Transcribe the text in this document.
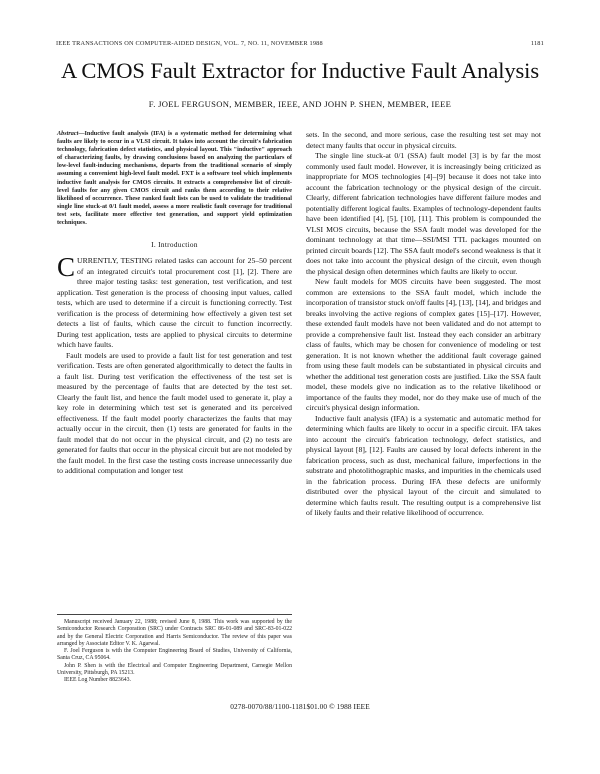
IEEE TRANSACTIONS ON COMPUTER-AIDED DESIGN, VOL. 7, NO. 11, NOVEMBER 1988	1181
A CMOS Fault Extractor for Inductive Fault Analysis
F. JOEL FERGUSON, MEMBER, IEEE, AND JOHN P. SHEN, MEMBER, IEEE

Abstract—Inductive fault analysis (IFA) is a systematic method for determining what faults are likely to occur in a VLSI circuit. It takes into account the circuit's fabrication technology, fabrication defect statistics, and physical layout. This "inductive" approach of characterizing faults, by drawing conclusions based on analyzing the particulars of low-level fault-inducing mechanisms, departs from the traditional scenario of simply assuming a convenient high-level fault model. FXT is a software tool which implements inductive fault analysis for CMOS circuits. It extracts a comprehensive list of circuit-level faults for any given CMOS circuit and ranks them according to their relative likelihood of occurrence. These ranked fault lists can be used to validate the traditional single line stuck-at 0/1 fault model, assess a more realistic fault coverage for traditional test sets, facilitate more effective test generation, and support yield optimization techniques.

I. Introduction

CURRENTLY, TESTING related tasks can account for 25–50 percent of an integrated circuit's total procurement cost [1], [2]. There are three major testing tasks: test generation, test verification, and test application. Test generation is the process of choosing input values, called tests, which are used to determine if a circuit is functioning correctly. Test verification is the process of determining how effectively a given test set detects a list of faults, which cause the circuit to function incorrectly. During test application, tests are applied to physical circuits to determine which have faults.

Fault models are used to provide a fault list for test generation and test verification. Tests are often generated algorithmically to detect the faults in a fault list. During test verification the effectiveness of the test set is measured by the percentage of faults that are detected by the test set. Clearly the fault list, and hence the fault model used to generate it, play a key role in determining which test set is generated and its perceived effectiveness. If the fault model poorly characterizes the faults that may actually occur in the circuit, then (1) tests are generated for faults in the fault model that do not occur in the physical circuit, and (2) no tests are generated for faults that occur in the physical circuit but are not modeled by the fault model. In the first case the testing costs increase unnecessarily due to additional computation and longer test

Manuscript received January 22, 1988; revised June 8, 1988. This work was supported by the Semiconductor Research Corporation (SRC) under Contracts SRC 86-01-089 and SRC-83-01-022 and by the General Electric Corporation and Harris Semiconductor. The review of this paper was arranged by Associate Editor V. K. Agarwal.

F. Joel Ferguson is with the Computer Engineering Board of Studies, University of California, Santa Cruz, CA 95064.

John P. Shen is with the Electrical and Computer Engineering Department, Carnegie Mellon University, Pittsburgh, PA 15213.

IEEE Log Number 8823643.

sets. In the second, and more serious, case the resulting test set may not detect many faults that occur in physical circuits.

The single line stuck-at 0/1 (SSA) fault model [3] is by far the most commonly used fault model. However, it is increasingly being criticized as inappropriate for MOS technologies [4]–[9] because it does not take into account the fabrication technology or the physical design of the circuit. Clearly, different fabrication technologies have different failure modes and potentially different logical faults. Examples of technology-dependent faults have been identified [4], [5], [10], [11]. This problem is compounded the VLSI MOS circuits, because the SSA fault model was developed for the dominant technology at that time—SSI/MSI TTL packages mounted on printed circuit boards [12]. The SSA fault model's second weakness is that it does not take into account the physical design of the circuit, even though the physical design often determines which faults are likely to occur.

New fault models for MOS circuits have been suggested. The most common are extensions to the SSA fault model, which include the incorporation of transistor stuck on/off faults [4], [13], [14], and bridges and breaks involving the active regions of complex gates [15]–[17]. However, these extended fault models have not been validated and do not attempt to provide a comprehensive fault list. Instead they each consider an arbitrary class of faults, which may be chosen for convenience of modeling or test generation. It is not known whether the additional fault coverage gained from using these fault models can be substantiated in physical circuits and whether the additional test generation costs are justified. Like the SSA fault model, these models give no indication as to the relative likelihood or importance of the faults they model, nor do they make use of much of the circuit's physical design information.

Inductive fault analysis (IFA) is a systematic and automatic method for determining which faults are likely to occur in a specific circuit. IFA takes into account the circuit's fabrication technology, defect statistics, and physical layout [8], [12]. Faults are caused by local defects inherent in the fabrication process, such as dust, mechanical failure, imperfections in the substrate and photolithographic masks, and impurities in the chemicals used in the fabrication process. During IFA these defects are uniformly distributed over the physical layout of the circuit and simulated to determine which faults result. The resulting output is a comprehensive list of likely faults and their relative likelihood of occurrence.

0278-0070/88/1100-1181$01.00 © 1988 IEEE
